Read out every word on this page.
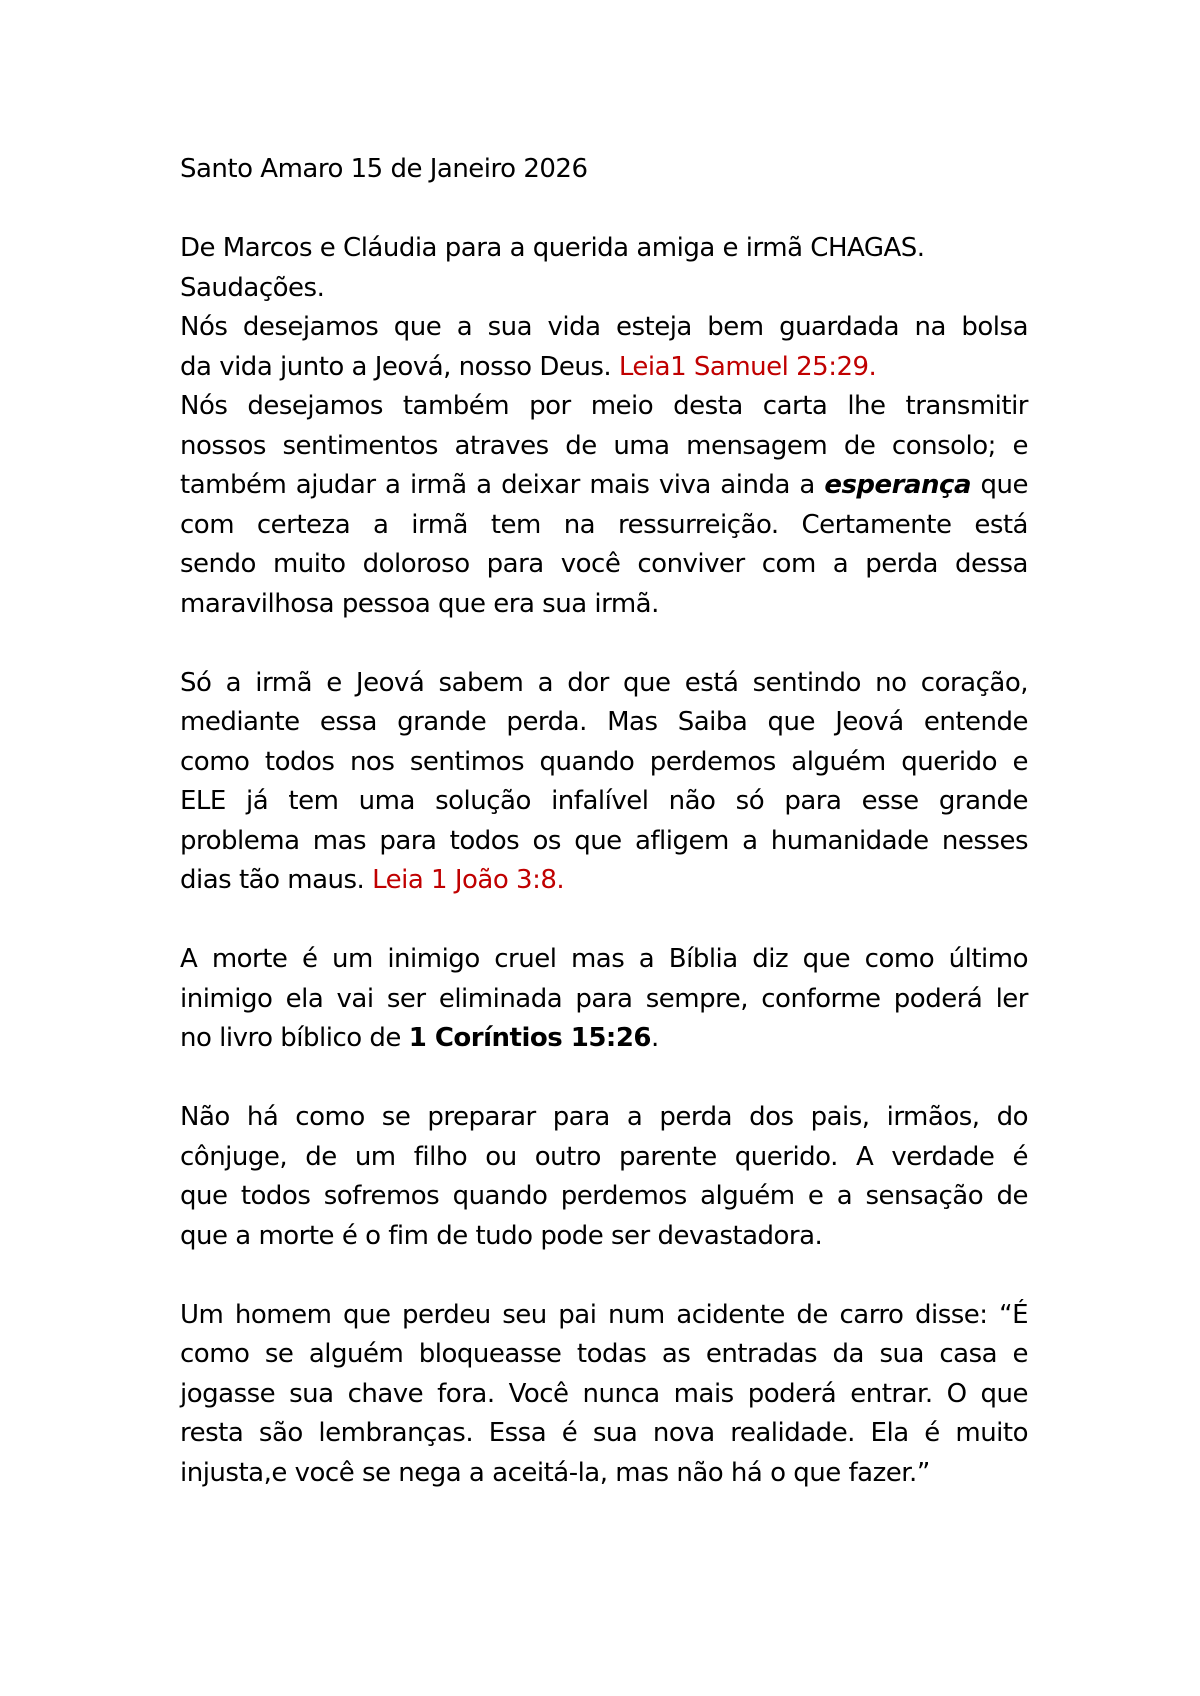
Santo Amaro 15 de Janeiro 2026
De Marcos e Cláudia para a querida amiga e irmã CHAGAS.
Saudações.
Nós desejamos que a sua vida esteja bem guardada na bolsa
da vida junto a Jeová, nosso Deus. Leia1 Samuel 25:29.
Nós desejamos também por meio desta carta lhe transmitir
nossos sentimentos atraves de uma mensagem de consolo; e
também ajudar a irmã a deixar mais viva ainda a esperança que
com certeza a irmã tem na ressurreição. Certamente está
sendo muito doloroso para você conviver com a perda dessa
maravilhosa pessoa que era sua irmã.
Só a irmã e Jeová sabem a dor que está sentindo no coração,
mediante essa grande perda. Mas Saiba que Jeová entende
como todos nos sentimos quando perdemos alguém querido e
ELE já tem uma solução infalível não só para esse grande
problema mas para todos os que afligem a humanidade nesses
dias tão maus. Leia 1 João 3:8.
A morte é um inimigo cruel mas a Bíblia diz que como último
inimigo ela vai ser eliminada para sempre, conforme poderá ler
no livro bíblico de 1 Coríntios 15:26.
Não há como se preparar para a perda dos pais, irmãos, do
cônjuge, de um filho ou outro parente querido. A verdade é
que todos sofremos quando perdemos alguém e a sensação de
que a morte é o fim de tudo pode ser devastadora.
Um homem que perdeu seu pai num acidente de carro disse: “É
como se alguém bloqueasse todas as entradas da sua casa e
jogasse sua chave fora. Você nunca mais poderá entrar. O que
resta são lembranças. Essa é sua nova realidade. Ela é muito
injusta,e você se nega a aceitá-la, mas não há o que fazer.”
